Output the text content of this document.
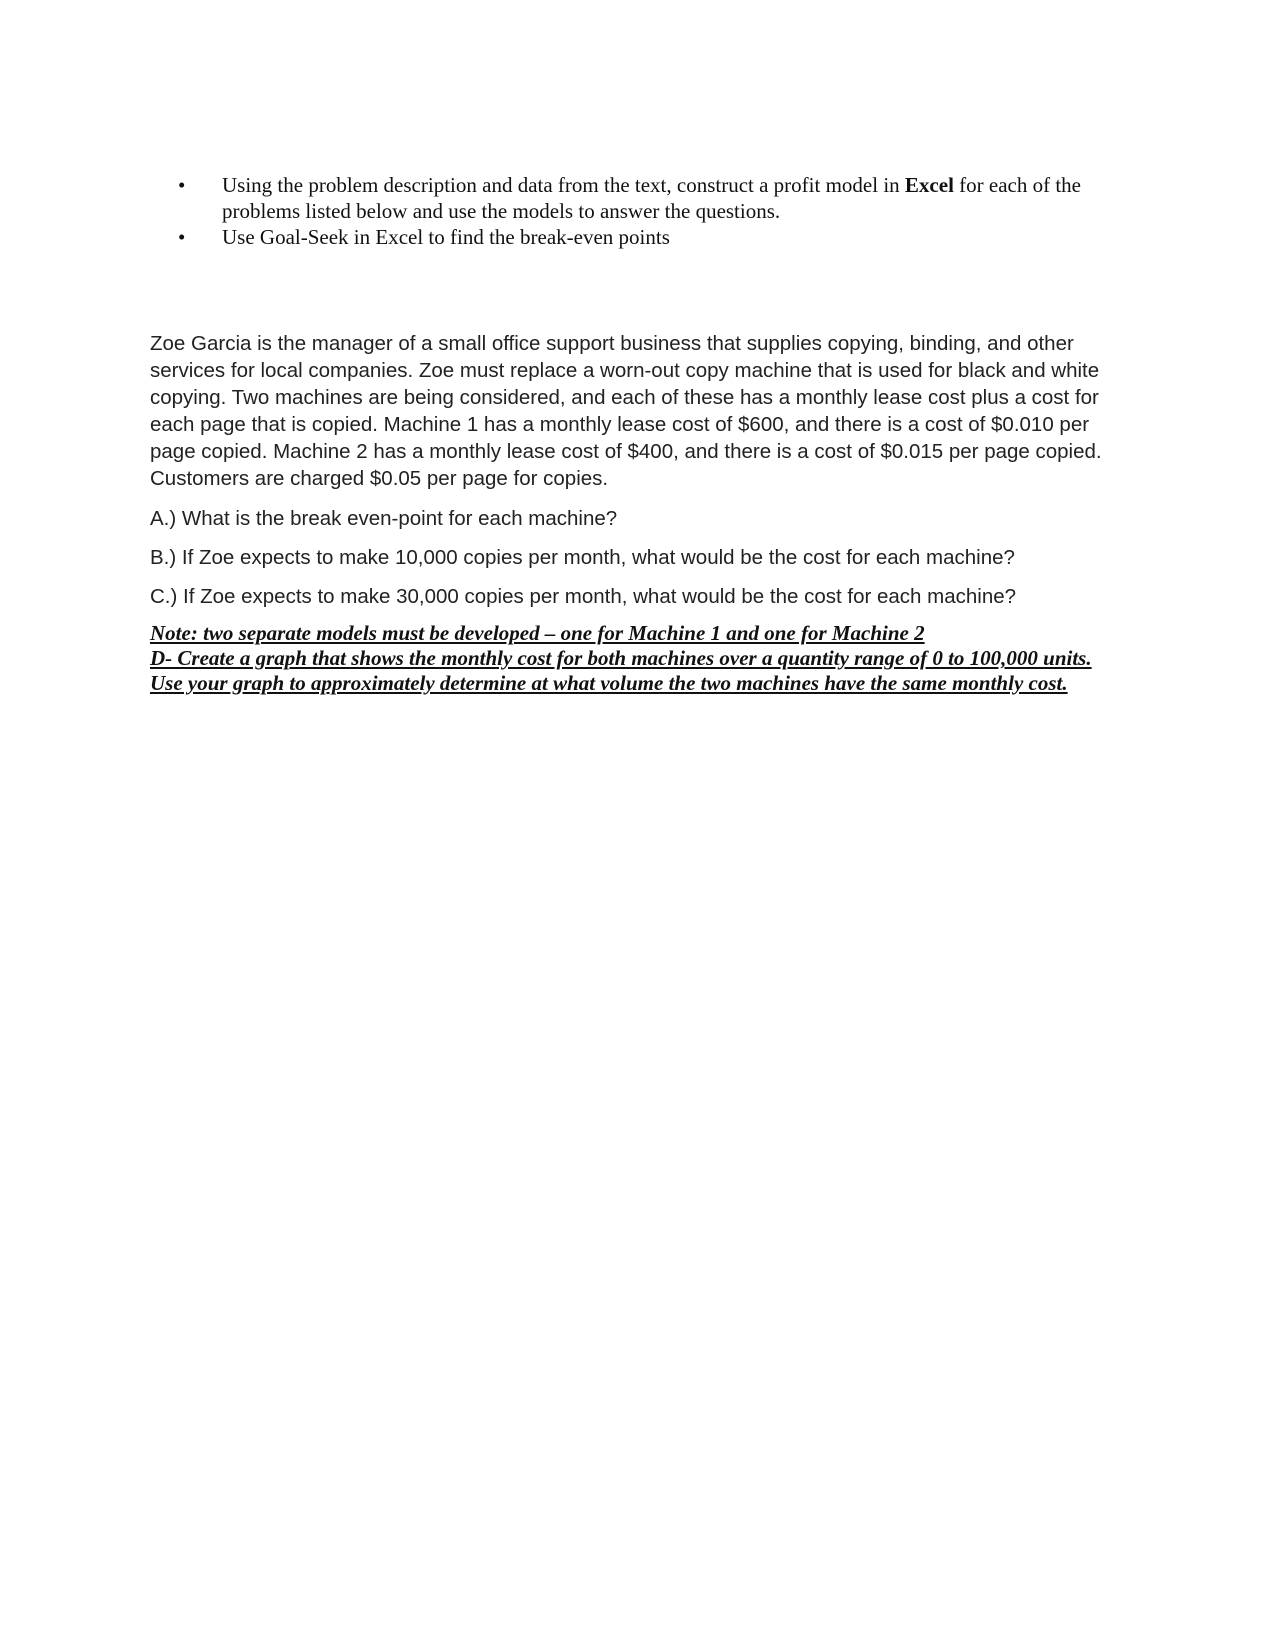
•	Using the problem description and data from the text, construct a profit model in Excel for each of the problems listed below and use the models to answer the questions.
•	Use Goal-Seek in Excel to find the break-even points

Zoe Garcia is the manager of a small office support business that supplies copying, binding, and other services for local companies. Zoe must replace a worn-out copy machine that is used for black and white copying. Two machines are being considered, and each of these has a monthly lease cost plus a cost for each page that is copied. Machine 1 has a monthly lease cost of $600, and there is a cost of $0.010 per page copied. Machine 2 has a monthly lease cost of $400, and there is a cost of $0.015 per page copied. Customers are charged $0.05 per page for copies.

A.) What is the break even-point for each machine?

B.) If Zoe expects to make 10,000 copies per month, what would be the cost for each machine?

C.) If Zoe expects to make 30,000 copies per month, what would be the cost for each machine?

Note: two separate models must be developed – one for Machine 1 and one for Machine 2
D- Create a graph that shows the monthly cost for both machines over a quantity range of 0 to 100,000 units.
Use your graph to approximately determine at what volume the two machines have the same monthly cost.
